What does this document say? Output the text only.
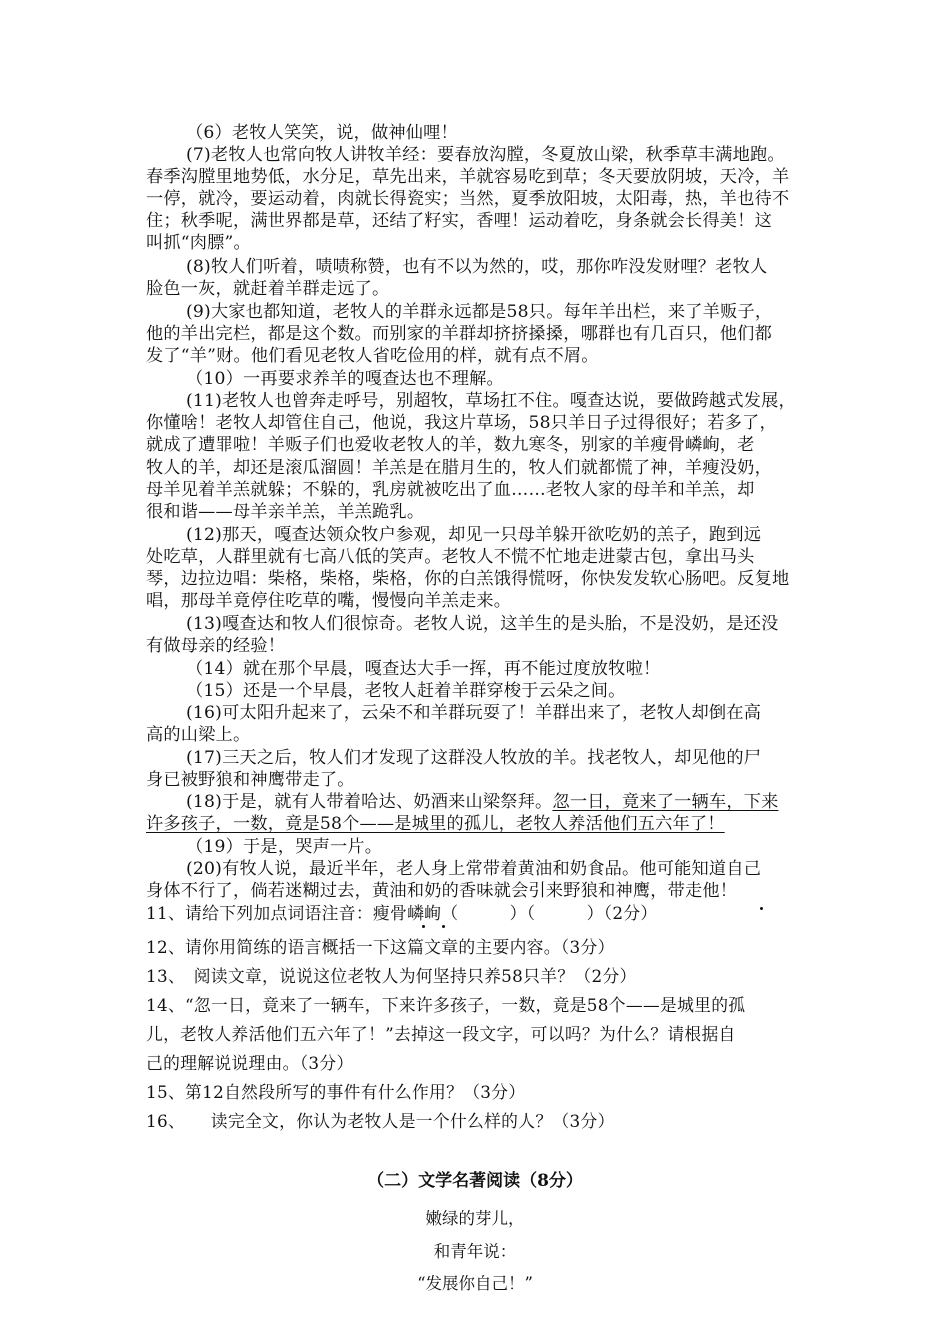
（6）老牧人笑笑，说，做神仙哩！
(7)老牧人也常向牧人讲牧羊经：要春放沟膛，冬夏放山梁，秋季草丰满地跑。
春季沟膛里地势低，水分足，草先出来，羊就容易吃到草；冬天要放阴坡，天冷，羊
一停，就冷，要运动着，肉就长得瓷实；当然，夏季放阳坡，太阳毒，热，羊也待不
住；秋季呢，满世界都是草，还结了籽实，香哩！运动着吃，身条就会长得美！这
叫抓“肉膘”。
(8)牧人们听着，啧啧称赞，也有不以为然的，哎，那你咋没发财哩？老牧人
脸色一灰，就赶着羊群走远了。
(9)大家也都知道，老牧人的羊群永远都是58只。每年羊出栏，来了羊贩子，
他的羊出完栏，都是这个数。而别家的羊群却挤挤搡搡，哪群也有几百只，他们都
发了“羊”财。他们看见老牧人省吃俭用的样，就有点不屑。
（10）一再要求养羊的嘎查达也不理解。
(11)老牧人也曾奔走呼号，别超牧，草场扛不住。嘎查达说，要做跨越式发展，
你懂啥！老牧人却管住自己，他说，我这片草场，58只羊日子过得很好；若多了，
就成了遭罪啦！羊贩子们也爱收老牧人的羊，数九寒冬，别家的羊瘦骨嶙峋，老
牧人的羊，却还是滚瓜溜圆！羊羔是在腊月生的，牧人们就都慌了神，羊瘦没奶，
母羊见着羊羔就躲；不躲的，乳房就被吃出了血……老牧人家的母羊和羊羔，却
很和谐——母羊亲羊羔，羊羔跪乳。
(12)那天，嘎查达领众牧户参观，却见一只母羊躲开欲吃奶的羔子，跑到远
处吃草，人群里就有七高八低的笑声。老牧人不慌不忙地走进蒙古包，拿出马头
琴，边拉边唱：柴格，柴格，柴格，你的白羔饿得慌呀，你快发发软心肠吧。反复地
唱，那母羊竟停住吃草的嘴，慢慢向羊羔走来。
(13)嘎查达和牧人们很惊奇。老牧人说，这羊生的是头胎，不是没奶，是还没
有做母亲的经验！
（14）就在那个早晨，嘎查达大手一挥，再不能过度放牧啦！
（15）还是一个早晨，老牧人赶着羊群穿梭于云朵之间。
(16)可太阳升起来了，云朵不和羊群玩耍了！羊群出来了，老牧人却倒在高
高的山梁上。
(17)三天之后，牧人们才发现了这群没人牧放的羊。找老牧人，却见他的尸
身已被野狼和神鹰带走了。
(18)于是，就有人带着哈达、奶酒来山梁祭拜。忽一日，竟来了一辆车，下来
许多孩子，一数，竟是58个——是城里的孤儿，老牧人养活他们五六年了！
（19）于是，哭声一片。
(20)有牧人说，最近半年，老人身上常带着黄油和奶食品。他可能知道自己
身体不行了，倘若迷糊过去，黄油和奶的香味就会引来野狼和神鹰，带走他！
11、请给下列加点词语注音：瘦骨嶙峋（　　　）（　　　）（2分）
12、请你用简练的语言概括一下这篇文章的主要内容。（3分）
13、　阅读文章，说说这位老牧人为何坚持只养58只羊？（2分）
14、“忽一日，竟来了一辆车，下来许多孩子，一数，竟是58个——是城里的孤
儿，老牧人养活他们五六年了！”去掉这一段文字，可以吗？为什么？请根据自
己的理解说说理由。（3分）
15、第12自然段所写的事件有什么作用？（3分）
16、　　读完全文，你认为老牧人是一个什么样的人？（3分）
（二）文学名著阅读（8分）
嫩绿的芽儿，
和青年说：
“发展你自己！”
